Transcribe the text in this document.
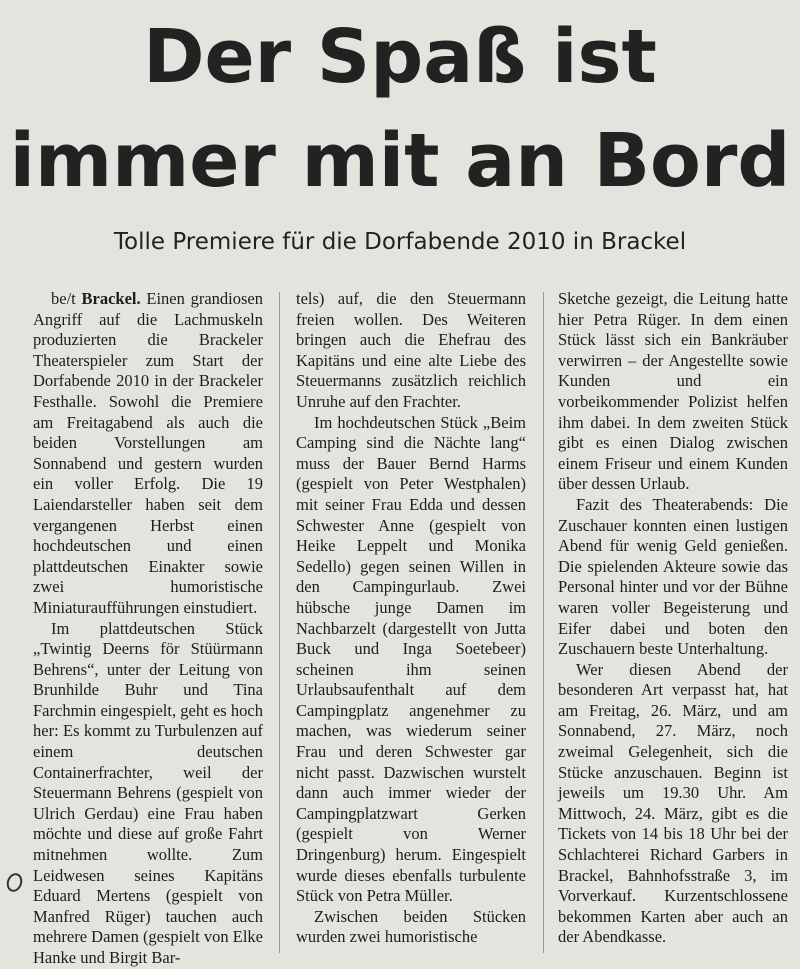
Der Spaß ist
immer mit an Bord
Tolle Premiere für die Dorfabende 2010 in Brackel

be/t Brackel. Einen grandiosen Angriff auf die Lachmuskeln produzierten die Brackeler Theaterspieler zum Start der Dorfabende 2010 in der Brackeler Festhalle. Sowohl die Premiere am Freitagabend als auch die beiden Vorstellungen am Sonnabend und gestern wurden ein voller Erfolg. Die 19 Laiendarsteller haben seit dem vergangenen Herbst einen hochdeutschen und einen plattdeutschen Einakter sowie zwei humoristische Miniaturaufführungen einstudiert.

Im plattdeutschen Stück „Twintig Deerns för Stüürmann Behrens“, unter der Leitung von Brunhilde Buhr und Tina Farchmin eingespielt, geht es hoch her: Es kommt zu Turbulenzen auf einem deutschen Containerfrachter, weil der Steuermann Behrens (gespielt von Ulrich Gerdau) eine Frau haben möchte und diese auf große Fahrt mitnehmen wollte. Zum Leidwesen seines Kapitäns Eduard Mertens (gespielt von Manfred Rüger) tauchen auch mehrere Damen (gespielt von Elke Hanke und Birgit Bar-

tels) auf, die den Steuermann freien wollen. Des Weiteren bringen auch die Ehefrau des Kapitäns und eine alte Liebe des Steuermanns zusätzlich reichlich Unruhe auf den Frachter.

Im hochdeutschen Stück „Beim Camping sind die Nächte lang“ muss der Bauer Bernd Harms (gespielt von Peter Westphalen) mit seiner Frau Edda und dessen Schwester Anne (gespielt von Heike Leppelt und Monika Sedello) gegen seinen Willen in den Campingurlaub. Zwei hübsche junge Damen im Nachbarzelt (dargestellt von Jutta Buck und Inga Soetebeer) scheinen ihm seinen Urlaubsaufenthalt auf dem Campingplatz angenehmer zu machen, was wiederum seiner Frau und deren Schwester gar nicht passt. Dazwischen wurstelt dann auch immer wieder der Campingplatzwart Gerken (gespielt von Werner Dringenburg) herum. Eingespielt wurde dieses ebenfalls turbulente Stück von Petra Müller.

Zwischen beiden Stücken wurden zwei humoristische

Sketche gezeigt, die Leitung hatte hier Petra Rüger. In dem einen Stück lässt sich ein Bankräuber verwirren – der Angestellte sowie Kunden und ein vorbeikommender Polizist helfen ihm dabei. In dem zweiten Stück gibt es einen Dialog zwischen einem Friseur und einem Kunden über dessen Urlaub.

Fazit des Theaterabends: Die Zuschauer konnten einen lustigen Abend für wenig Geld genießen. Die spielenden Akteure sowie das Personal hinter und vor der Bühne waren voller Begeisterung und Eifer dabei und boten den Zuschauern beste Unterhaltung.

Wer diesen Abend der besonderen Art verpasst hat, hat am Freitag, 26. März, und am Sonnabend, 27. März, noch zweimal Gelegenheit, sich die Stücke anzuschauen. Beginn ist jeweils um 19.30 Uhr. Am Mittwoch, 24. März, gibt es die Tickets von 14 bis 18 Uhr bei der Schlachterei Richard Garbers in Brackel, Bahnhofsstraße 3, im Vorverkauf. Kurzentschlossene bekommen Karten aber auch an der Abendkasse.
